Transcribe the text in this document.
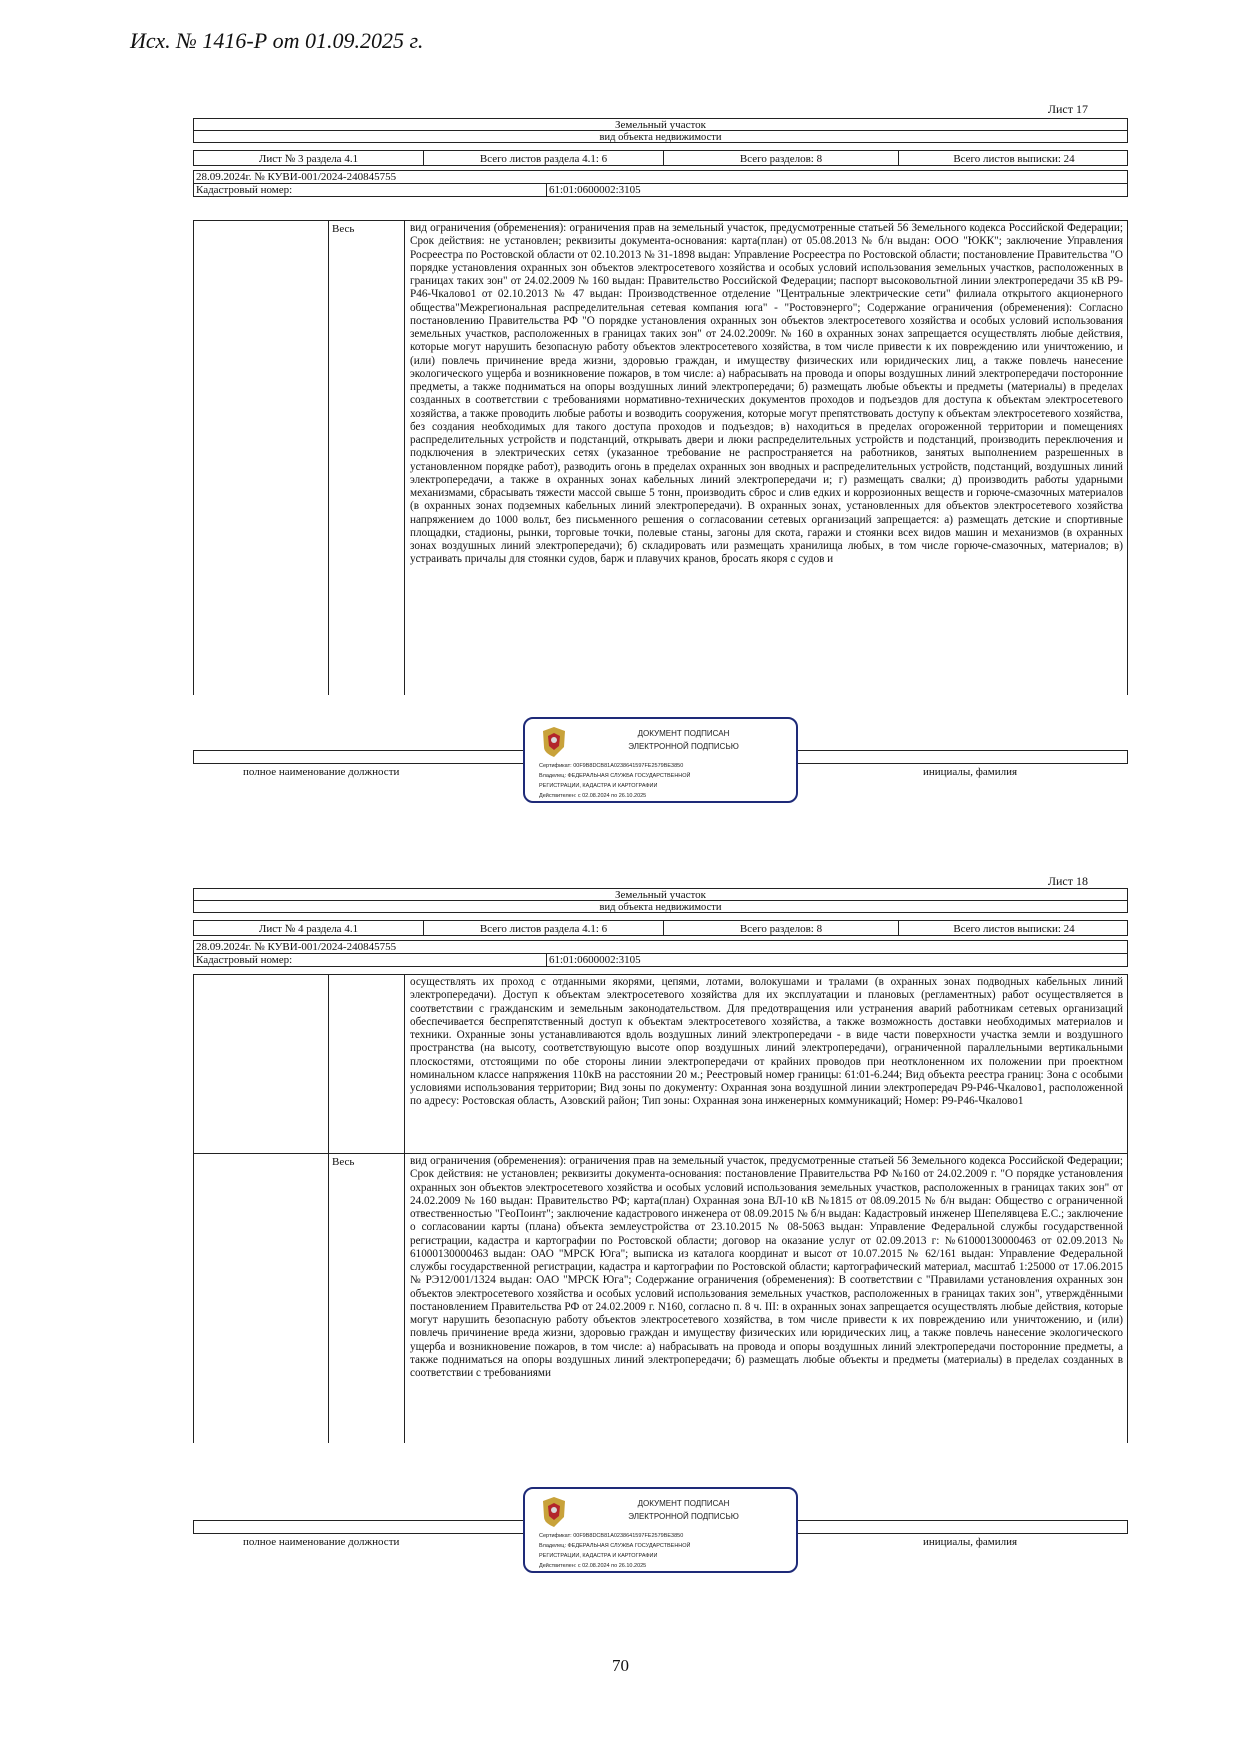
Исх. № 1416-Р от 01.09.2025 г.
Лист 17
Земельный участок
вид объекта недвижимости
Лист № 3 раздела 4.1	Всего листов раздела 4.1: 6	Всего разделов: 8	Всего листов выписки: 24
28.09.2024г. № КУВИ-001/2024-240845755
Кадастровый номер:	61:01:0600002:3105
Весь	вид ограничения (обременения): ограничения прав на земельный участок, предусмотренные статьей 56 Земельного кодекса Российской Федерации; Срок действия: не установлен; реквизиты документа-основания: карта(план) от 05.08.2013 № б/н выдан: ООО "ЮКК"; заключение Управления Росреестра по Ростовской области от 02.10.2013 № 31-1898 выдан: Управление Росреестра по Ростовской области; постановление Правительства "О порядке установления охранных зон объектов электросетевого хозяйства и особых условий использования земельных участков, расположенных в границах таких зон" от 24.02.2009 № 160 выдан: Правительство Российской Федерации; паспорт высоковольтной линии электропередачи 35 кВ Р9-Р46-Чкалово1 от 02.10.2013 № 47 выдан: Производственное отделение "Центральные электрические сети" филиала открытого акционерного общества"Межрегиональная распределительная сетевая компания юга" - "Ростовэнерго"; Содержание ограничения (обременения): Согласно постановлению Правительства РФ "О порядке установления охранных зон объектов электросетевого хозяйства и особых условий использования земельных участков, расположенных в границах таких зон" от 24.02.2009г. № 160 в охранных зонах запрещается осуществлять любые действия, которые могут нарушить безопасную работу объектов электросетевого хозяйства, в том числе привести к их повреждению или уничтожению, и (или) повлечь причинение вреда жизни, здоровью граждан, и имуществу физических или юридических лиц, а также повлечь нанесение экологического ущерба и возникновение пожаров, в том числе: а) набрасывать на провода и опоры воздушных линий электропередачи посторонние предметы, а также подниматься на опоры воздушных линий электропередачи; б) размещать любые объекты и предметы (материалы) в пределах созданных в соответствии с требованиями нормативно-технических документов проходов и подъездов для доступа к объектам электросетевого хозяйства, а также проводить любые работы и возводить сооружения, которые могут препятствовать доступу к объектам электросетевого хозяйства, без создания необходимых для такого доступа проходов и подъездов; в) находиться в пределах огороженной территории и помещениях распределительных устройств и подстанций, открывать двери и люки распределительных устройств и подстанций, производить переключения и подключения в электрических сетях (указанное требование не распространяется на работников, занятых выполнением разрешенных в установленном порядке работ), разводить огонь в пределах охранных зон вводных и распределительных устройств, подстанций, воздушных линий электропередачи, а также в охранных зонах кабельных линий электропередачи и; г) размещать свалки; д) производить работы ударными механизмами, сбрасывать тяжести массой свыше 5 тонн, производить сброс и слив едких и коррозионных веществ и горюче-смазочных материалов (в охранных зонах подземных кабельных линий электропередачи). В охранных зонах, установленных для объектов электросетевого хозяйства напряжением до 1000 вольт, без письменного решения о согласовании сетевых организаций запрещается: а) размещать детские и спортивные площадки, стадионы, рынки, торговые точки, полевые станы, загоны для скота, гаражи и стоянки всех видов машин и механизмов (в охранных зонах воздушных линий электропередачи); б) складировать или размещать хранилища любых, в том числе горюче-смазочных, материалов; в) устраивать причалы для стоянки судов, барж и плавучих кранов, бросать якоря с судов и
полное наименование должности	инициалы, фамилия
ДОКУМЕНТ ПОДПИСАН
ЭЛЕКТРОННОЙ ПОДПИСЬЮ
Сертификат: 00F9B8DCB81A0238641597FE2579BE3850
Владелец: ФЕДЕРАЛЬНАЯ СЛУЖБА ГОСУДАРСТВЕННОЙ
РЕГИСТРАЦИИ, КАДАСТРА И КАРТОГРАФИИ
Действителен: с 02.08.2024 по 26.10.2025
Лист 18
Земельный участок
вид объекта недвижимости
Лист № 4 раздела 4.1	Всего листов раздела 4.1: 6	Всего разделов: 8	Всего листов выписки: 24
28.09.2024г. № КУВИ-001/2024-240845755
Кадастровый номер:	61:01:0600002:3105
осуществлять их проход с отданными якорями, цепями, лотами, волокушами и тралами (в охранных зонах подводных кабельных линий электропередачи). Доступ к объектам электросетевого хозяйства для их эксплуатации и плановых (регламентных) работ осуществляется в соответствии с гражданским и земельным законодательством. Для предотвращения или устранения аварий работникам сетевых организаций обеспечивается беспрепятственный доступ к объектам электросетевого хозяйства, а также возможность доставки необходимых материалов и техники. Охранные зоны устанавливаются вдоль воздушных линий электропередачи - в виде части поверхности участка земли и воздушного пространства (на высоту, соответствующую высоте опор воздушных линий электропередачи), ограниченной параллельными вертикальными плоскостями, отстоящими по обе стороны линии электропередачи от крайних проводов при неотклоненном их положении при проектном номинальном классе напряжения 110кВ на расстоянии 20 м.; Реестровый номер границы: 61:01-6.244; Вид объекта реестра границ: Зона с особыми условиями использования территории; Вид зоны по документу: Охранная зона воздушной линии электропередач Р9-Р46-Чкалово1, расположенной по адресу: Ростовская область, Азовский район; Тип зоны: Охранная зона инженерных коммуникаций; Номер: Р9-Р46-Чкалово1
Весь	вид ограничения (обременения): ограничения прав на земельный участок, предусмотренные статьей 56 Земельного кодекса Российской Федерации; Срок действия: не установлен; реквизиты документа-основания: постановление Правительства РФ №160 от 24.02.2009 г. "О порядке установления охранных зон объектов электросетевого хозяйства и особых условий использования земельных участков, расположенных в границах таких зон" от 24.02.2009 № 160 выдан: Правительство РФ; карта(план) Охранная зона ВЛ-10 кВ №1815 от 08.09.2015 № б/н выдан: Общество с ограниченной отвественностью "ГеоПоинт"; заключение кадастрового инженера от 08.09.2015 № б/н выдан: Кадастровый инженер Шепелявцева Е.С.; заключение о согласовании карты (плана) объекта землеустройства от 23.10.2015 № 08-5063 выдан: Управление Федеральной службы государственной регистрации, кадастра и картографии по Ростовской области; договор на оказание услуг от 02.09.2013 г: №61000130000463 от 02.09.2013 № 61000130000463 выдан: ОАО "МРСК Юга"; выписка из каталога координат и высот от 10.07.2015 № 62/161 выдан: Управление Федеральной службы государственной регистрации, кадастра и картографии по Ростовской области; картографический материал, масштаб 1:25000 от 17.06.2015 № РЭ12/001/1324 выдан: ОАО "МРСК Юга"; Содержание ограничения (обременения): В соответствии с "Правилами установления охранных зон объектов электросетевого хозяйства и особых условий использования земельных участков, расположенных в границах таких зон", утверждёнными постановлением Правительства РФ от 24.02.2009 г. N160, согласно п. 8 ч. III: в охранных зонах запрещается осуществлять любые действия, которые могут нарушить безопасную работу объектов электросетевого хозяйства, в том числе привести к их повреждению или уничтожению, и (или) повлечь причинение вреда жизни, здоровью граждан и имуществу физических или юридических лиц, а также повлечь нанесение экологического ущерба и возникновение пожаров, в том числе: а) набрасывать на провода и опоры воздушных линий электропередачи посторонние предметы, а также подниматься на опоры воздушных линий электропередачи; б) размещать любые объекты и предметы (материалы) в пределах созданных в соответствии с требованиями
полное наименование должности	инициалы, фамилия
ДОКУМЕНТ ПОДПИСАН
ЭЛЕКТРОННОЙ ПОДПИСЬЮ
Сертификат: 00F9B8DCB81A0238641597FE2579BE3850
Владелец: ФЕДЕРАЛЬНАЯ СЛУЖБА ГОСУДАРСТВЕННОЙ
РЕГИСТРАЦИИ, КАДАСТРА И КАРТОГРАФИИ
Действителен: с 02.08.2024 по 26.10.2025
70
